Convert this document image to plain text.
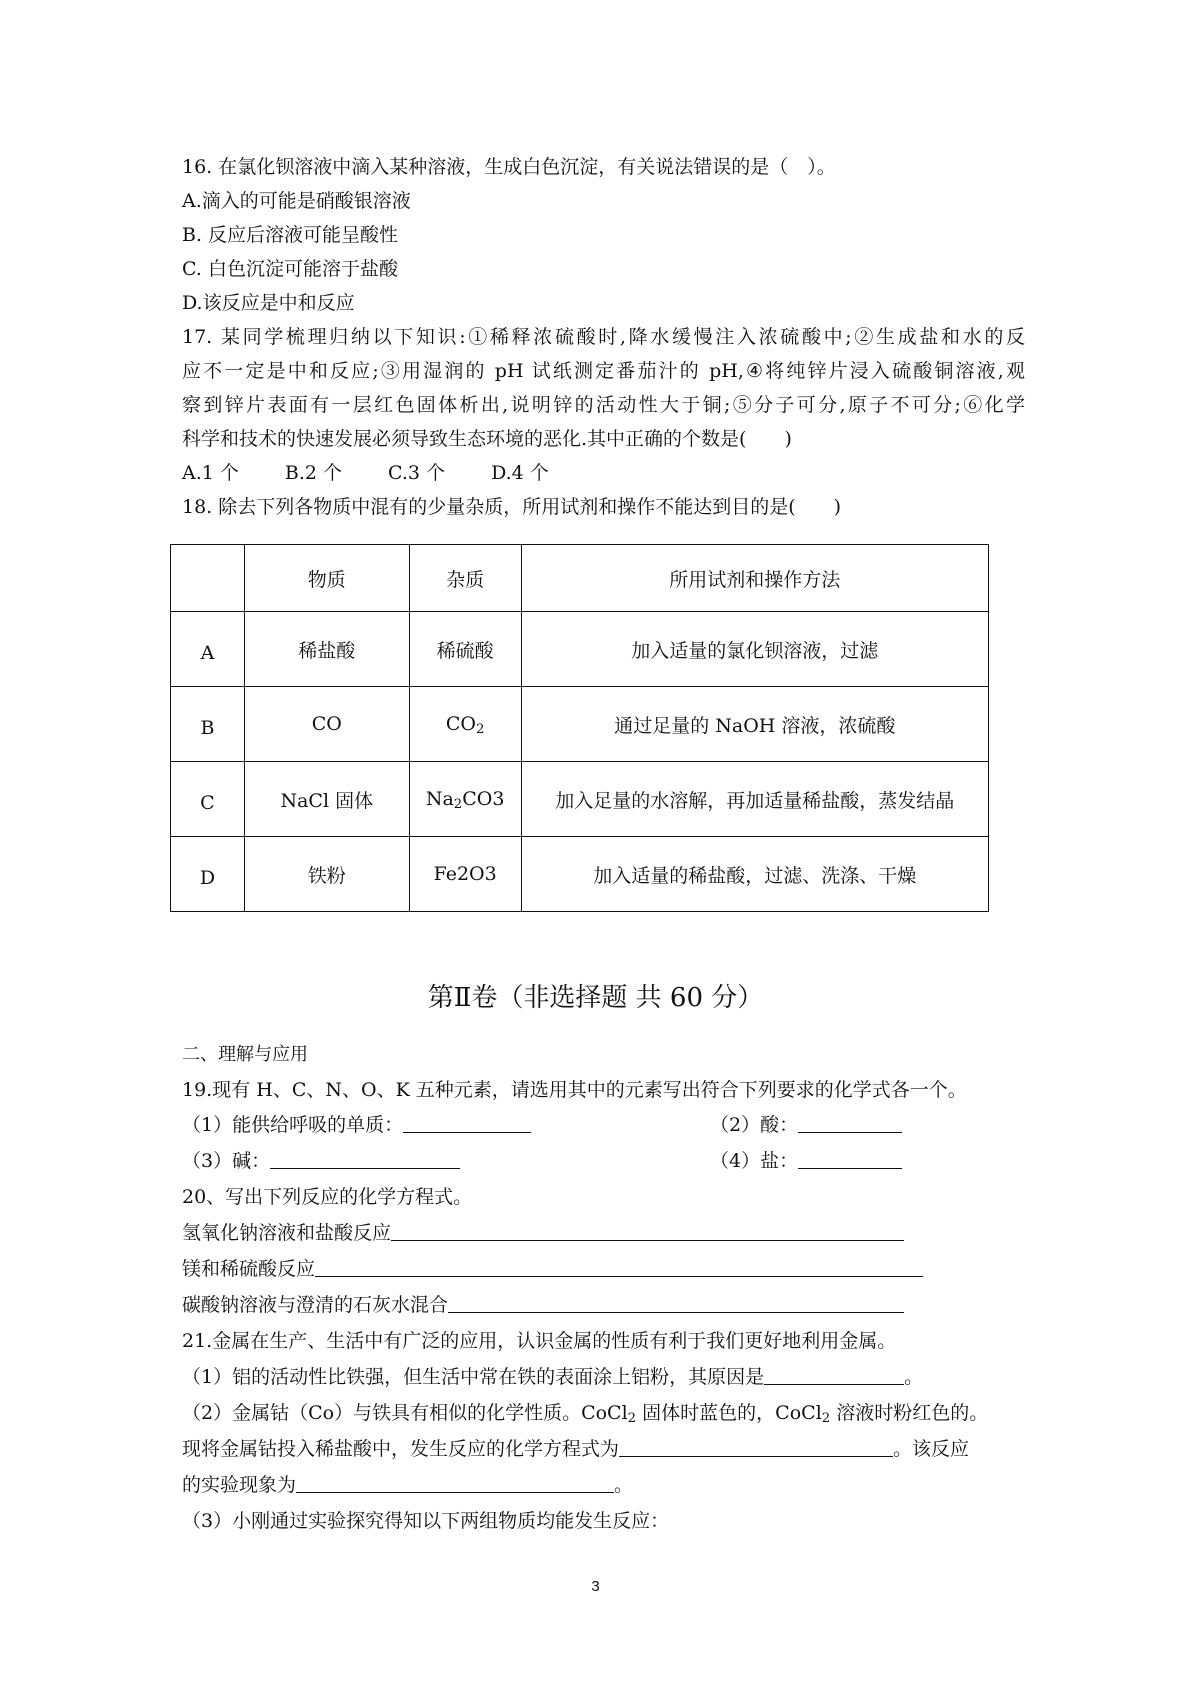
16. 在氯化钡溶液中滴入某种溶液，生成白色沉淀，有关说法错误的是（　）。
A.滴入的可能是硝酸银溶液
B. 反应后溶液可能呈酸性
C. 白色沉淀可能溶于盐酸
D.该反应是中和反应
17. 某同学梳理归纳以下知识:①稀释浓硫酸时,降水缓慢注入浓硫酸中;②生成盐和水的反
应不一定是中和反应;③用湿润的 pH 试纸测定番茄汁的 pH,④将纯锌片浸入硫酸铜溶液,观
察到锌片表面有一层红色固体析出,说明锌的活动性大于铜;⑤分子可分,原子不可分;⑥化学
科学和技术的快速发展必须导致生态环境的恶化.其中正确的个数是(　　)
A.1 个 B.2 个 C.3 个 D.4 个
18. 除去下列各物质中混有的少量杂质，所用试剂和操作不能达到目的是(　　)
	物质	杂质	所用试剂和操作方法
A	稀盐酸	稀硫酸	加入适量的氯化钡溶液，过滤
B	CO	$CO_2$	通过足量的 NaOH 溶液，浓硫酸
C	NaCl 固体	$Na_2CO3$	加入足量的水溶解，再加适量稀盐酸，蒸发结晶
D	铁粉	Fe2O3	加入适量的稀盐酸，过滤、洗涤、干燥
第Ⅱ卷（非选择题 共 60 分）
二、理解与应用
19.现有 H、C、N、O、K 五种元素，请选用其中的元素写出符合下列要求的化学式各一个。
（1）能供给呼吸的单质：	（2）酸：
（3）碱：	（4）盐：
20、写出下列反应的化学方程式。
氢氧化钠溶液和盐酸反应
镁和稀硫酸反应
碳酸钠溶液与澄清的石灰水混合
21.金属在生产、生活中有广泛的应用，认识金属的性质有利于我们更好地利用金属。
（1）铝的活动性比铁强，但生活中常在铁的表面涂上铝粉，其原因是	。
（2）金属钴（Co）与铁具有相似的化学性质。CoCl$_2$ 固体时蓝色的，CoCl$_2$ 溶液时粉红色的。
现将金属钴投入稀盐酸中，发生反应的化学方程式为	。该反应
的实验现象为	。
（3）小刚通过实验探究得知以下两组物质均能发生反应：
3
